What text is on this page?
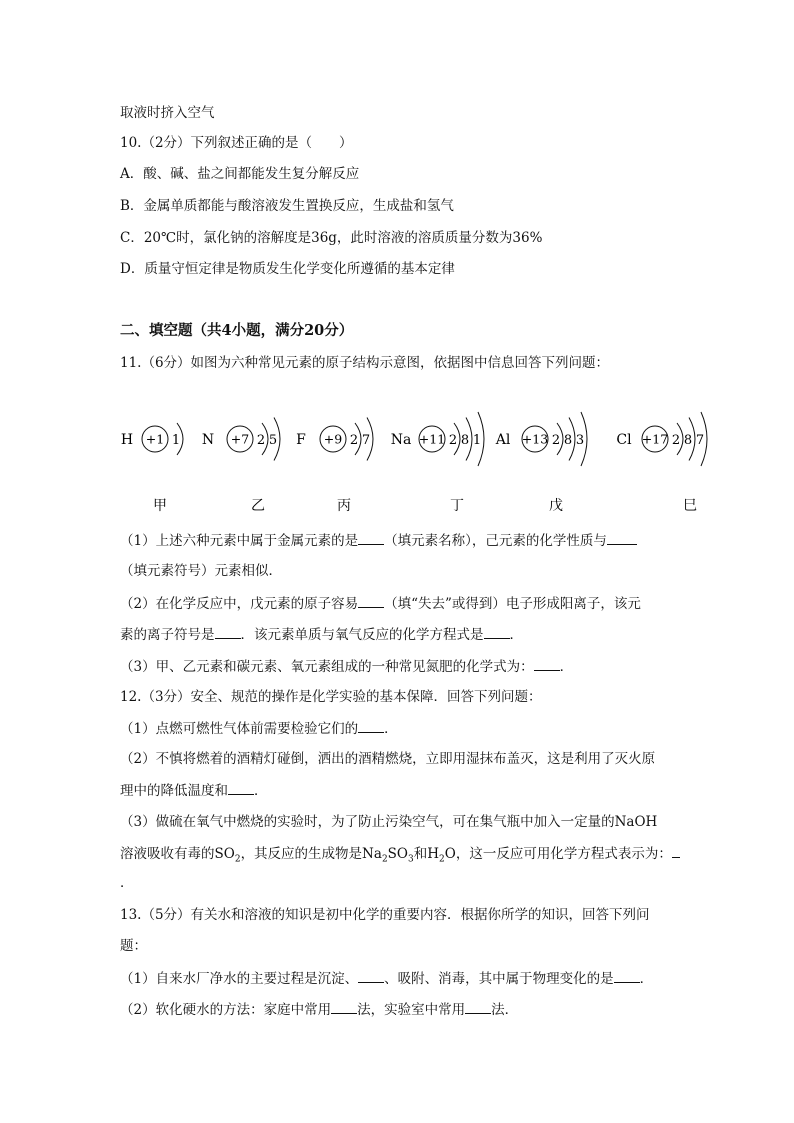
取液时挤入空气
10.（2分）下列叙述正确的是（　　）
A．酸、碱、盐之间都能发生复分解反应
B．金属单质都能与酸溶液发生置换反应，生成盐和氢气
C．20℃时，氯化钠的溶解度是36g，此时溶液的溶质质量分数为36%
D．质量守恒定律是物质发生化学变化所遵循的基本定律
二、填空题（共4小题，满分20分）
11.（6分）如图为六种常见元素的原子结构示意图，依据图中信息回答下列问题：
H +1 1
甲
N +7 2 5
乙
F +9 2 7
丙
Na +11 2 8 1
丁
Al +13 2 8 3
戊
Cl +17 2 8 7
巳
（1）上述六种元素中属于金属元素的是 （填元素名称），己元素的化学性质与
（填元素符号）元素相似．
（2）在化学反应中，戊元素的原子容易 （填“失去”或得到）电子形成阳离子，该元
素的离子符号是 ．该元素单质与氧气反应的化学方程式是 ．
（3）甲、乙元素和碳元素、氧元素组成的一种常见氮肥的化学式为： ．
12.（3分）安全、规范的操作是化学实验的基本保障．回答下列问题：
（1）点燃可燃性气体前需要检验它们的 ．
（2）不慎将燃着的酒精灯碰倒，洒出的酒精燃烧，立即用湿抹布盖灭，这是利用了灭火原
理中的降低温度和 ．
（3）做硫在氧气中燃烧的实验时，为了防止污染空气，可在集气瓶中加入一定量的NaOH
溶液吸收有毒的$SO_2$，其反应的生成物是$Na_2SO_3$和$H_2O$，这一反应可用化学方程式表示为：
．
13.（5分）有关水和溶液的知识是初中化学的重要内容．根据你所学的知识，回答下列问
题：
（1）自来水厂净水的主要过程是沉淀、 、吸附、消毒，其中属于物理变化的是 ．
（2）软化硬水的方法：家庭中常用 法，实验室中常用 法．
